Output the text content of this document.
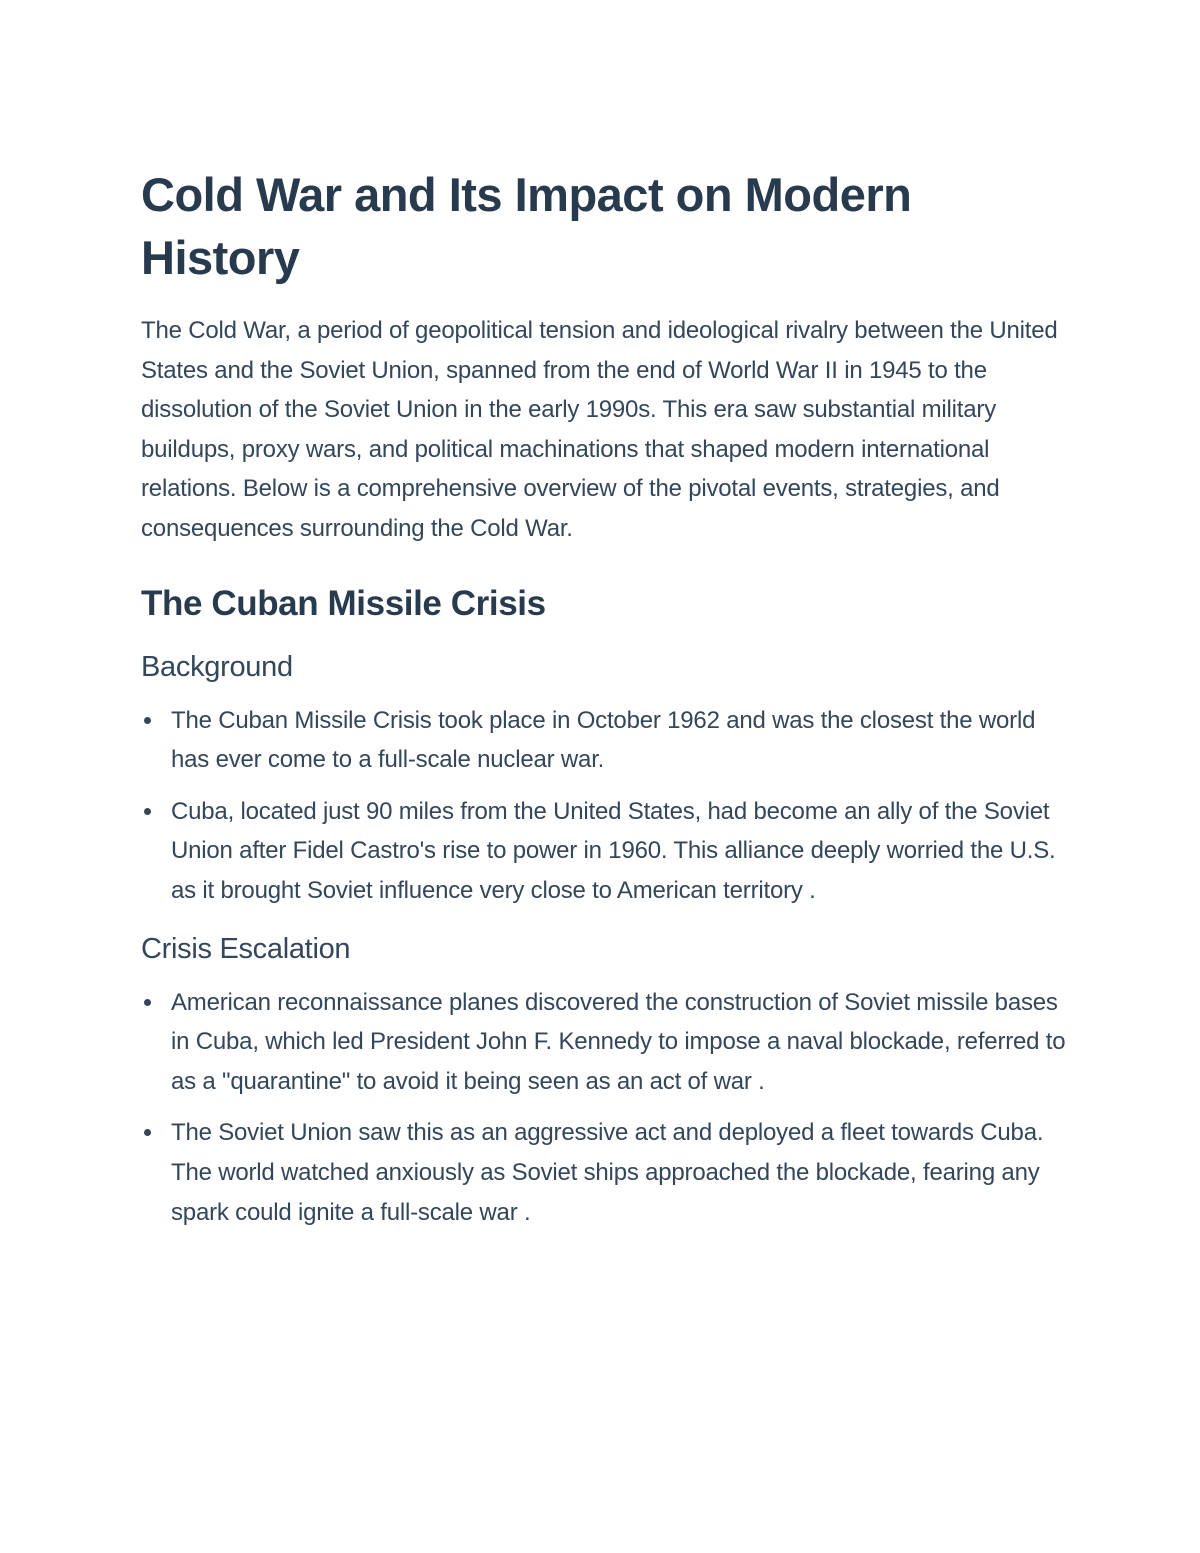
Cold War and Its Impact on Modern History

The Cold War, a period of geopolitical tension and ideological rivalry between the United States and the Soviet Union, spanned from the end of World War II in 1945 to the dissolution of the Soviet Union in the early 1990s. This era saw substantial military buildups, proxy wars, and political machinations that shaped modern international relations. Below is a comprehensive overview of the pivotal events, strategies, and consequences surrounding the Cold War.

The Cuban Missile Crisis
Background
The Cuban Missile Crisis took place in October 1962 and was the closest the world has ever come to a full-scale nuclear war.
Cuba, located just 90 miles from the United States, had become an ally of the Soviet Union after Fidel Castro's rise to power in 1960. This alliance deeply worried the U.S. as it brought Soviet influence very close to American territory .
Crisis Escalation
American reconnaissance planes discovered the construction of Soviet missile bases in Cuba, which led President John F. Kennedy to impose a naval blockade, referred to as a "quarantine" to avoid it being seen as an act of war .
The Soviet Union saw this as an aggressive act and deployed a fleet towards Cuba. The world watched anxiously as Soviet ships approached the blockade, fearing any spark could ignite a full-scale war .
